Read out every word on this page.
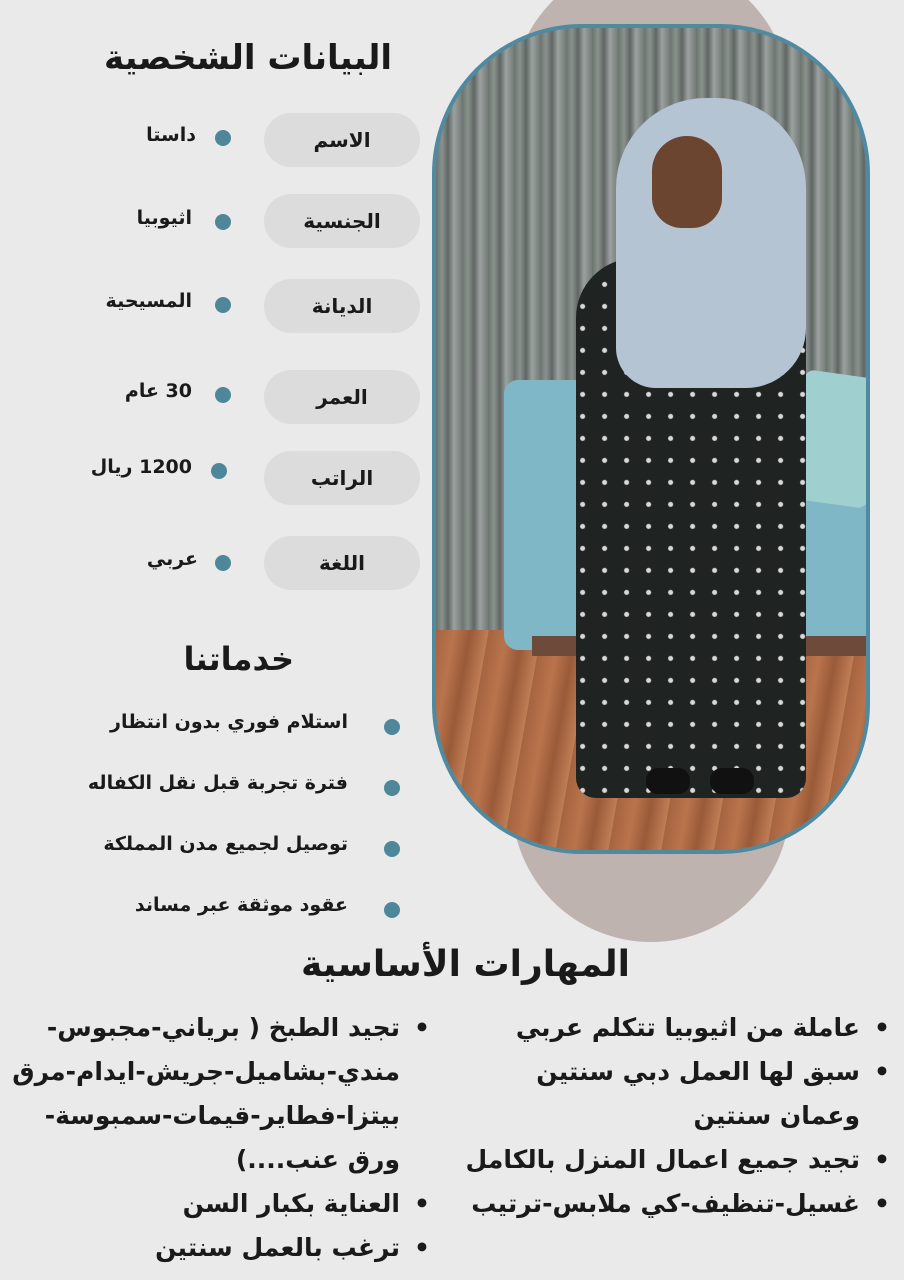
البيانات الشخصية
الاسم
داستا
الجنسية
اثيوبيا
الديانة
المسيحية
العمر
30 عام
الراتب
1200 ريال
اللغة
عربي
خدماتنا
استلام فوري بدون انتظار
فترة تجربة قبل نقل الكفاله
توصيل لجميع مدن المملكة
عقود موثقة عبر مساند
المهارات الأساسية
• عاملة من اثيوبيا تتكلم عربي
• سبق لها العمل دبي سنتين وعمان سنتين
• تجيد جميع اعمال المنزل بالكامل
• غسيل-تنظيف-كي ملابس-ترتيب
• تجيد الطبخ ( برياني-مجبوس-مندي-بشاميل-جريش-ايدام-مرق بيتزا-فطاير-قيمات-سمبوسة-ورق عنب....)
• العناية بكبار السن
• ترغب بالعمل سنتين
